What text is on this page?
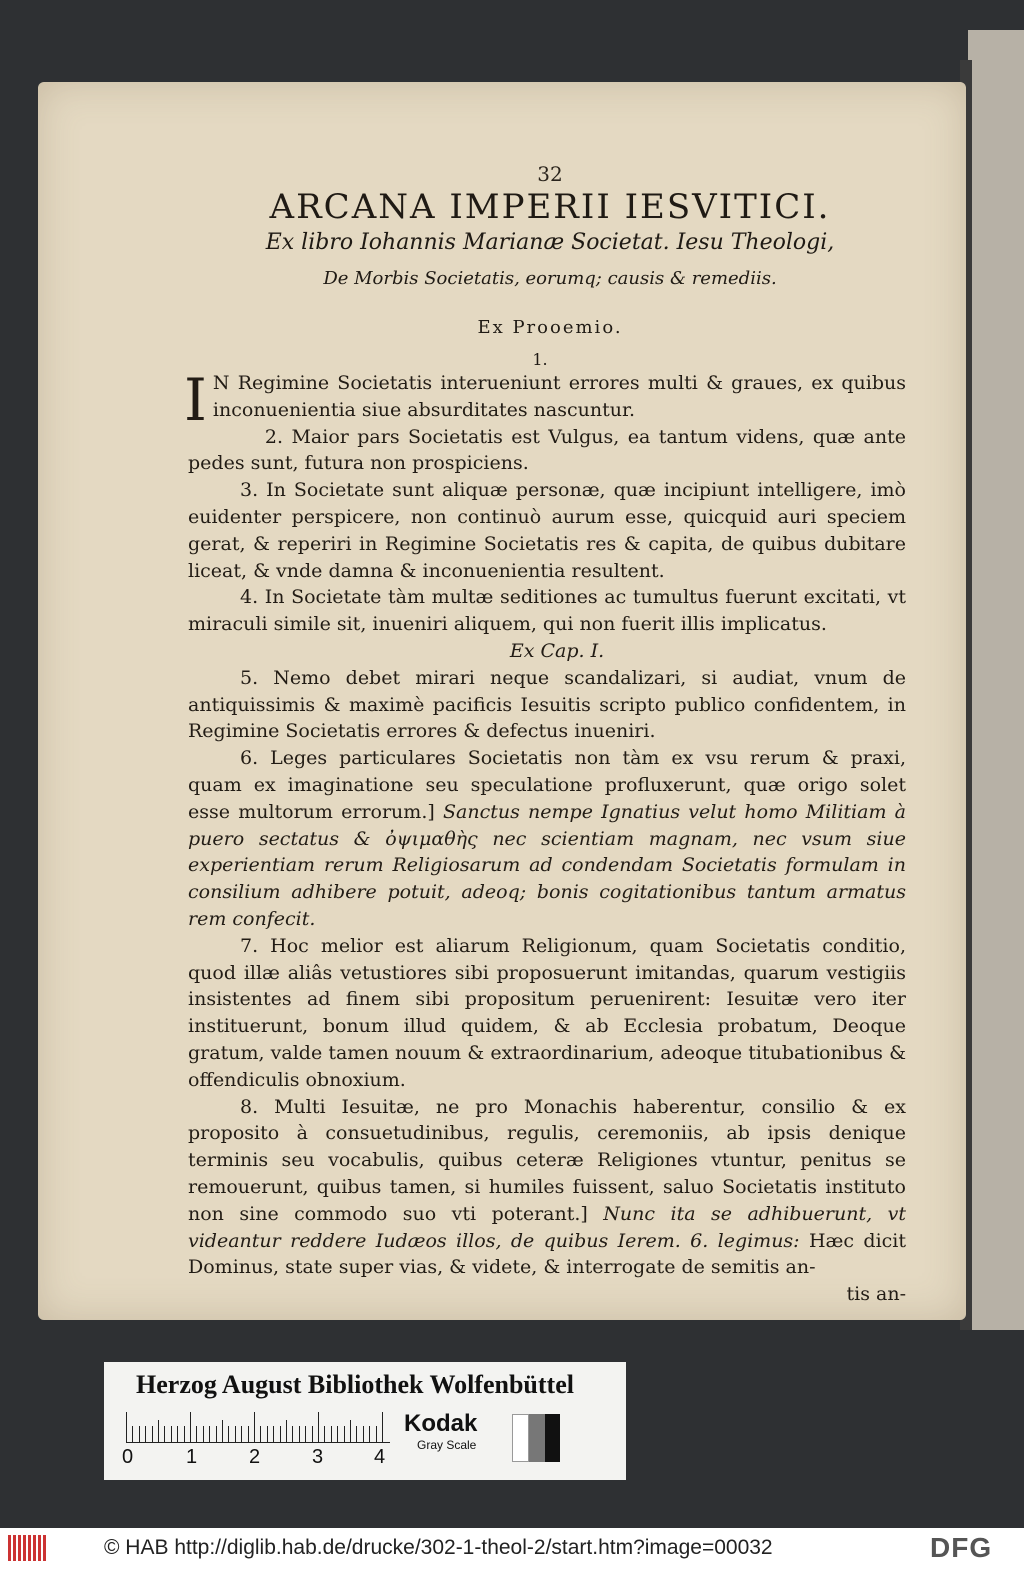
32
ARCANA IMPERII IESVITICI.
Ex libro Iohannis Marianæ Societat. Iesu Theologi,
De Morbis Societatis, eorumq; causis & remediis.
Ex Prooemio.
1.

I N Regimine Societatis interueniunt errores multi & graues, ex quibus inconuenientia siue absurditates nascuntur.

2. Maior pars Societatis est Vulgus, ea tantum videns, quæ ante pedes sunt, futura non prospiciens.

3. In Societate sunt aliquæ personæ, quæ incipiunt intelligere, imò euidenter perspicere, non continuò aurum esse, quicquid auri speciem gerat, & reperiri in Regimine Societatis res & capita, de quibus dubitare liceat, & vnde damna & inconuenientia resultent.

4. In Societate tàm multæ seditiones ac tumultus fuerunt excitati, vt miraculi simile sit, inueniri aliquem, qui non fuerit illis implicatus.

Ex Cap. I.

5. Nemo debet mirari neque scandalizari, si audiat, vnum de antiquissimis & maximè pacificis Iesuitis scripto publico confidentem, in Regimine Societatis errores & defectus inueniri.

6. Leges particulares Societatis non tàm ex vsu rerum & praxi, quam ex imaginatione seu speculatione profluxerunt, quæ origo solet esse multorum errorum.] Sanctus nempe Ignatius velut homo Militiam à puero sectatus & ὀψιμαθὴς nec scientiam magnam, nec vsum siue experientiam rerum Religiosarum ad condendam Societatis formulam in consilium adhibere potuit, adeoq; bonis cogitationibus tantum armatus rem confecit.

7. Hoc melior est aliarum Religionum, quam Societatis conditio, quod illæ aliâs vetustiores sibi proposuerunt imitandas, quarum vestigiis insistentes ad finem sibi propositum peruenirent: Iesuitæ vero iter instituerunt, bonum illud quidem, & ab Ecclesia probatum, Deoque gratum, valde tamen nouum & extraordinarium, adeoque titubationibus & offendiculis obnoxium.

8. Multi Iesuitæ, ne pro Monachis haberentur, consilio & ex proposito à consuetudinibus, regulis, ceremoniis, ab ipsis denique terminis seu vocabulis, quibus ceteræ Religiones vtuntur, penitus se remouerunt, quibus tamen, si humiles fuissent, saluo Societatis instituto non sine commodo suo vti poterant.] Nunc ita se adhibuerunt, vt videantur reddere Iudæos illos, de quibus Ierem. 6. legimus: Hæc dicit Dominus, state super vias, & videte, & interrogate de semitis an-

tis an-

Herzog August Bibliothek Wolfenbüttel
0	1	2	3	4
Kodak
Gray Scale
© HAB http://diglib.hab.de/drucke/302-1-theol-2/start.htm?image=00032	DFG
